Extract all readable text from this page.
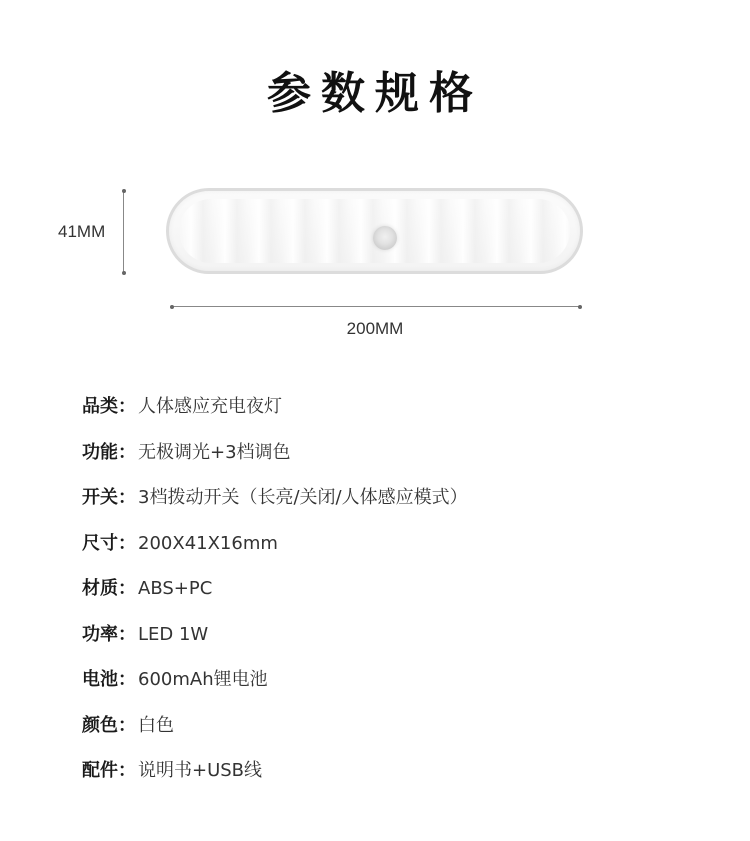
参数规格
41MM
200MM
品类： 人体感应充电夜灯
功能： 无极调光+3档调色
开关： 3档拨动开关（长亮/关闭/人体感应模式）
尺寸： 200X41X16mm
材质： ABS+PC
功率： LED 1W
电池： 600mAh锂电池
颜色： 白色
配件： 说明书+USB线
